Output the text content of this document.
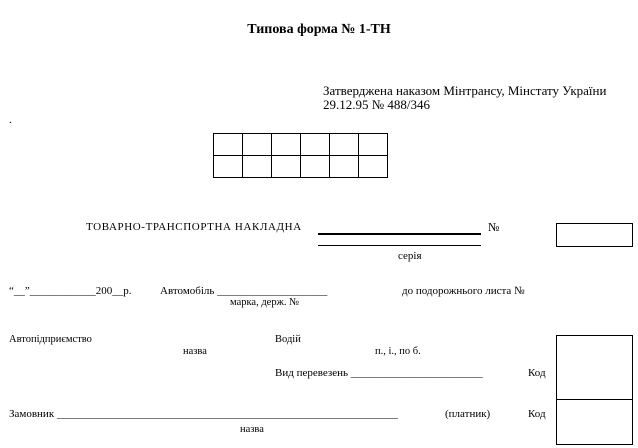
Типова форма № 1-ТН
Затверджена наказом Мінтрансу, Мінстату України
29.12.95 № 488/346
.

ТОВАРНО-ТРАНСПОРТНА НАКЛАДНА	№
серія
“__”____________200__р.	Автомобіль ____________________
марка, держ. №
до подорожнього листа №
Автопідприємство
назва
Водій
п., і., по б.
Вид перевезень ________________________	Код
Замовник ______________________________________________________________	(платник)	Код
назва
